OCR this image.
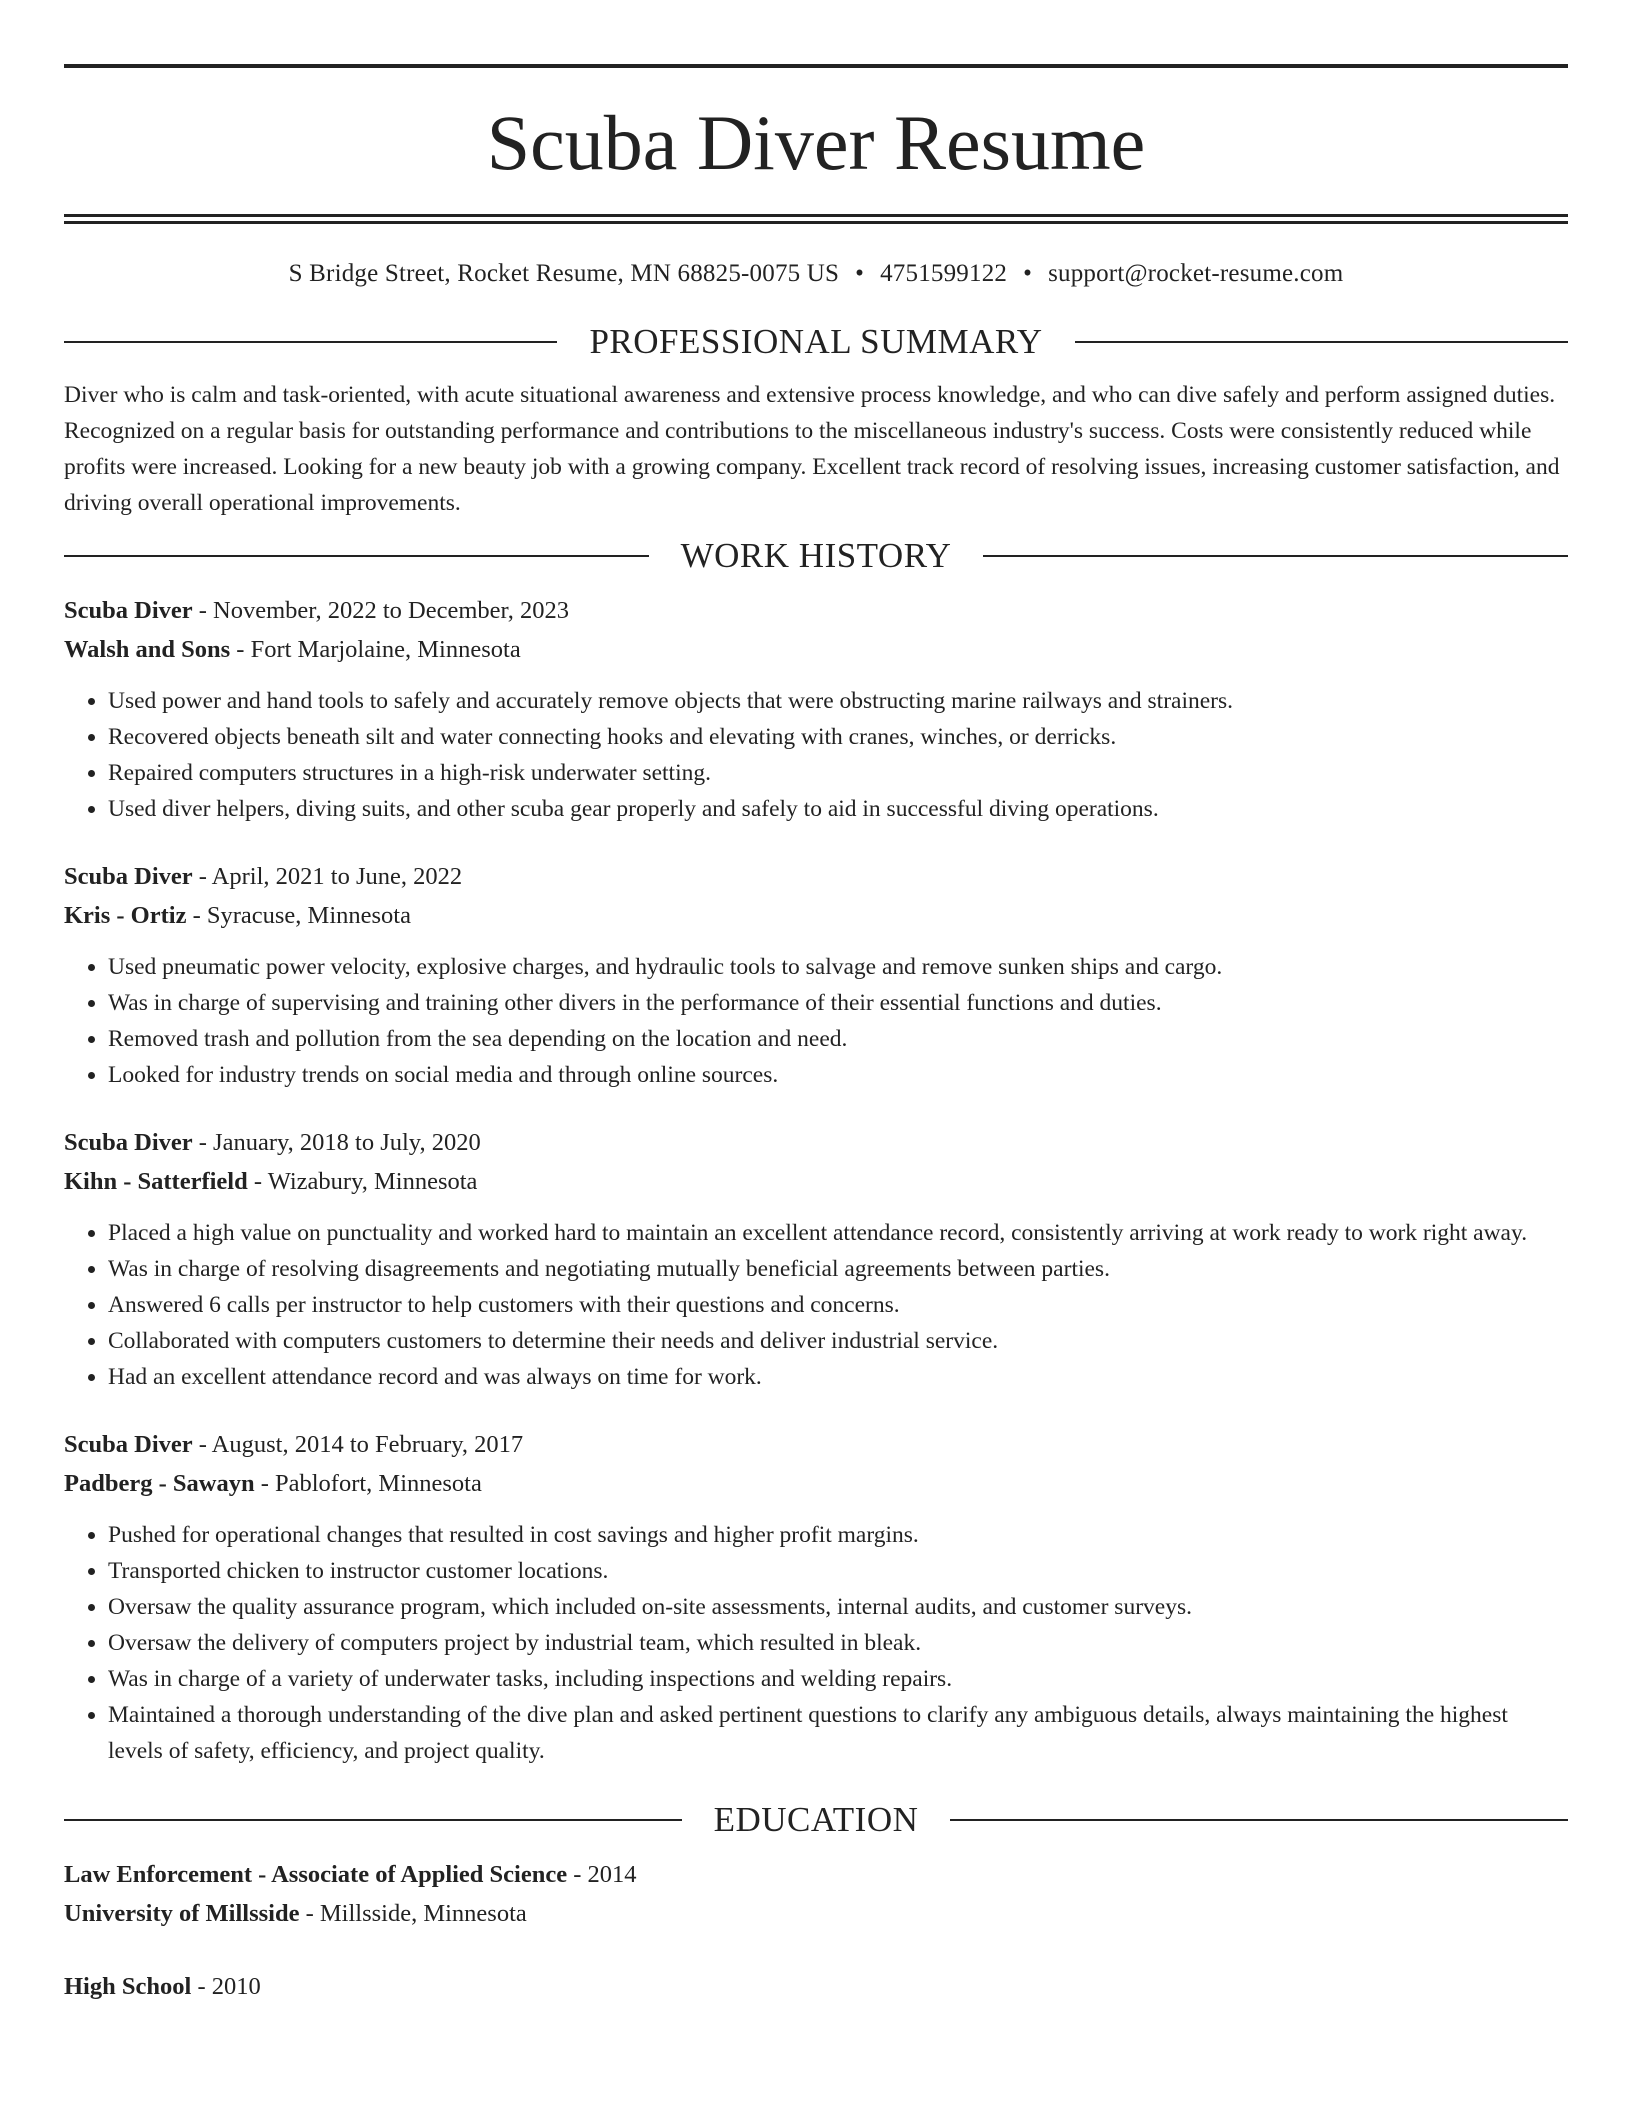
Scuba Diver Resume
S Bridge Street, Rocket Resume, MN 68825-0075 US • 4751599122 • support@rocket-resume.com
PROFESSIONAL SUMMARY

Diver who is calm and task-oriented, with acute situational awareness and extensive process knowledge, and who can dive safely and perform assigned duties. Recognized on a regular basis for outstanding performance and contributions to the miscellaneous industry's success. Costs were consistently reduced while profits were increased. Looking for a new beauty job with a growing company. Excellent track record of resolving issues, increasing customer satisfaction, and driving overall operational improvements.

WORK HISTORY
Scuba Diver - November, 2022 to December, 2023
Walsh and Sons - Fort Marjolaine, Minnesota
• Used power and hand tools to safely and accurately remove objects that were obstructing marine railways and strainers.
• Recovered objects beneath silt and water connecting hooks and elevating with cranes, winches, or derricks.
• Repaired computers structures in a high-risk underwater setting.
• Used diver helpers, diving suits, and other scuba gear properly and safely to aid in successful diving operations.
Scuba Diver - April, 2021 to June, 2022
Kris - Ortiz - Syracuse, Minnesota
• Used pneumatic power velocity, explosive charges, and hydraulic tools to salvage and remove sunken ships and cargo.
• Was in charge of supervising and training other divers in the performance of their essential functions and duties.
• Removed trash and pollution from the sea depending on the location and need.
• Looked for industry trends on social media and through online sources.
Scuba Diver - January, 2018 to July, 2020
Kihn - Satterfield - Wizabury, Minnesota
• Placed a high value on punctuality and worked hard to maintain an excellent attendance record, consistently arriving at work ready to work right away.
• Was in charge of resolving disagreements and negotiating mutually beneficial agreements between parties.
• Answered 6 calls per instructor to help customers with their questions and concerns.
• Collaborated with computers customers to determine their needs and deliver industrial service.
• Had an excellent attendance record and was always on time for work.
Scuba Diver - August, 2014 to February, 2017
Padberg - Sawayn - Pablofort, Minnesota
• Pushed for operational changes that resulted in cost savings and higher profit margins.
• Transported chicken to instructor customer locations.
• Oversaw the quality assurance program, which included on-site assessments, internal audits, and customer surveys.
• Oversaw the delivery of computers project by industrial team, which resulted in bleak.
• Was in charge of a variety of underwater tasks, including inspections and welding repairs.
• Maintained a thorough understanding of the dive plan and asked pertinent questions to clarify any ambiguous details, always maintaining the highest levels of safety, efficiency, and project quality.
EDUCATION
Law Enforcement - Associate of Applied Science - 2014
University of Millsside - Millsside, Minnesota
High School - 2010
